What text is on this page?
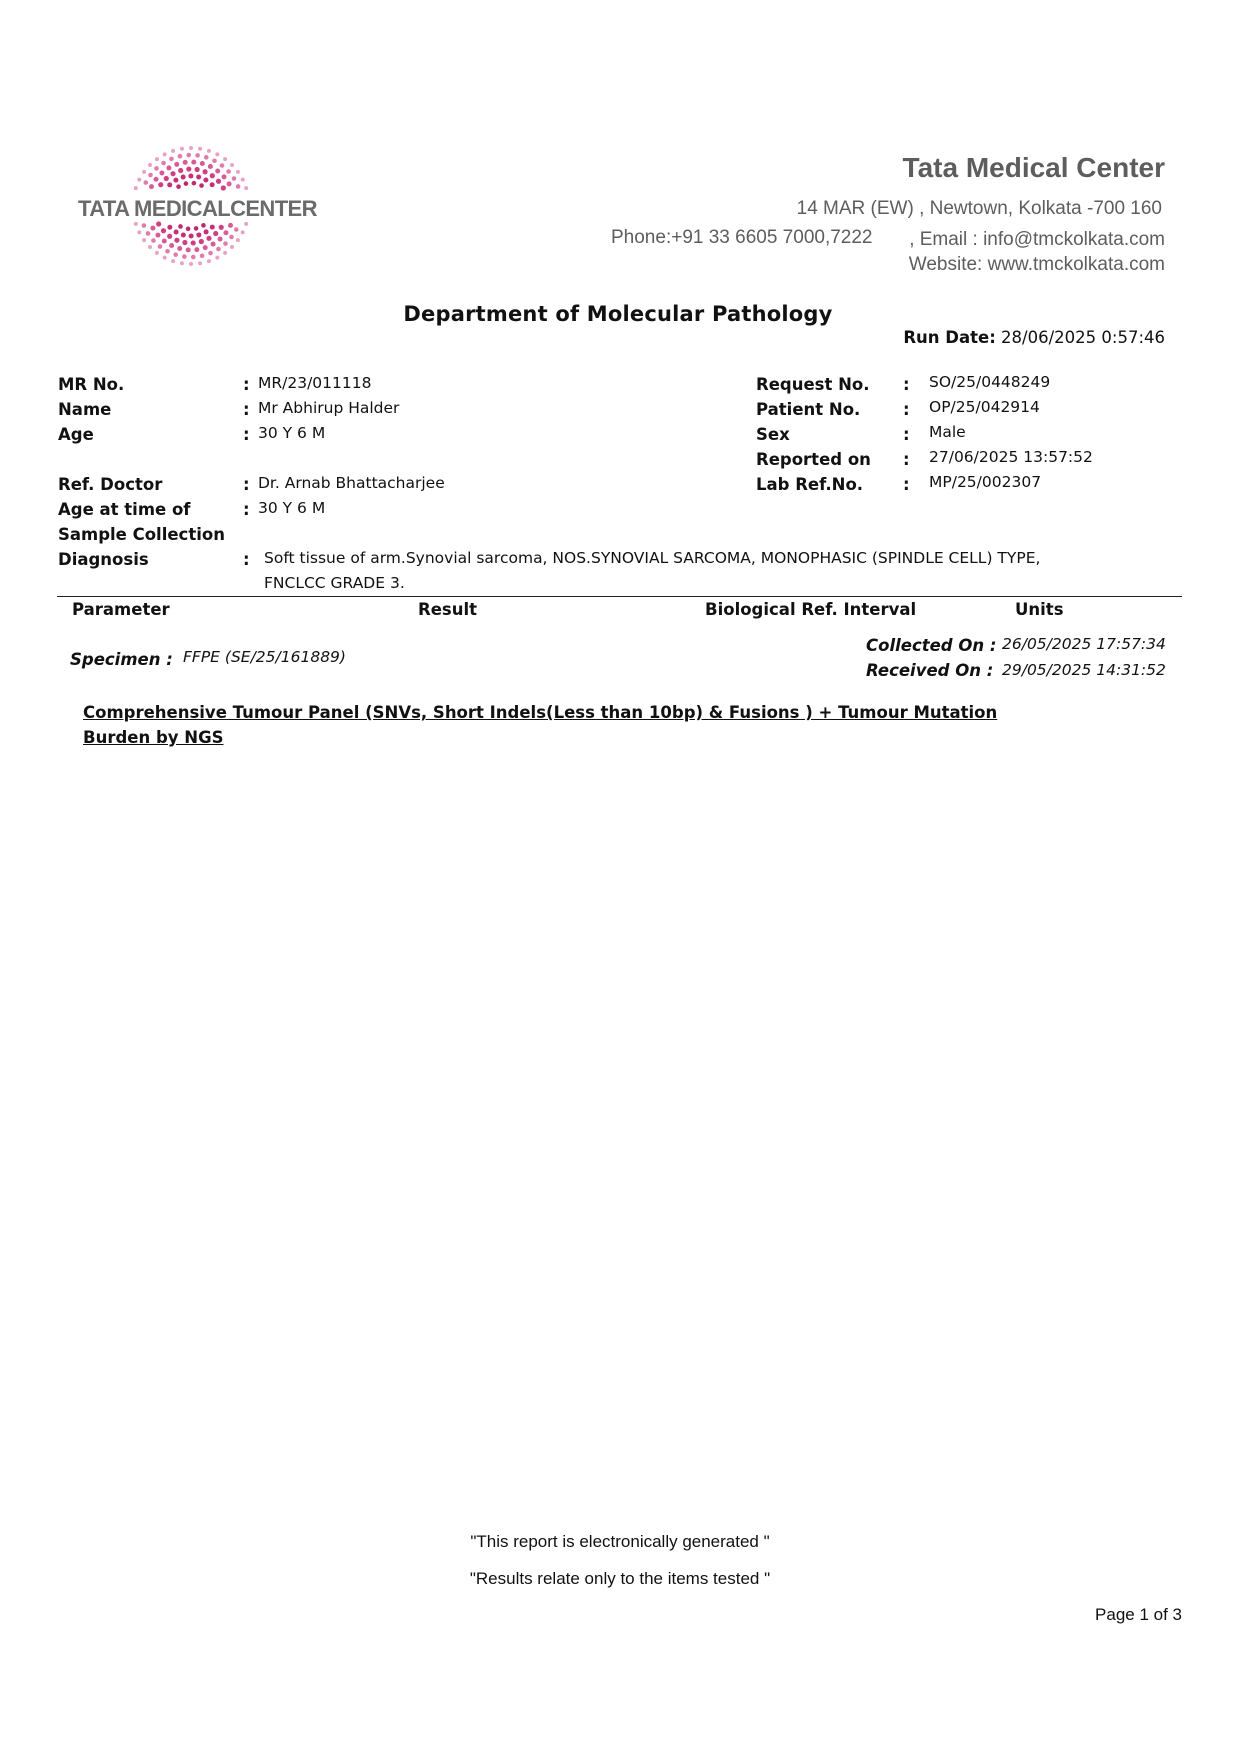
TATA MEDICALCENTER
Tata Medical Center
14 MAR (EW) , Newtown, Kolkata -700 160
Phone:+91 33 6605 7000,7222 , Email : info@tmckolkata.com
Website: www.tmckolkata.com
Department of Molecular Pathology
Run Date: 28/06/2025 0:57:46
MR No.	: MR/23/011118
Name	: Mr Abhirup Halder
Age	: 30 Y 6 M
Ref. Doctor	: Dr. Arnab Bhattacharjee
Age at time of	: 30 Y 6 M
Sample Collection
Request No. : SO/25/0448249
Patient No.	: OP/25/042914
Sex	: Male
Reported on : 27/06/2025 13:57:52
Lab Ref.No. : MP/25/002307
Diagnosis	: Soft tissue of arm.Synovial sarcoma, NOS.SYNOVIAL SARCOMA, MONOPHASIC (SPINDLE CELL) TYPE,
FNCLCC GRADE 3.
Parameter	Result	Biological Ref. Interval	Units
Specimen : FFPE (SE/25/161889)
Collected On : 26/05/2025 17:57:34
Received On : 29/05/2025 14:31:52
Comprehensive Tumour Panel (SNVs, Short Indels(Less than 10bp) & Fusions ) + Tumour Mutation Burden by NGS
"This report is electronically generated "
"Results relate only to the items tested "
Page 1 of 3
